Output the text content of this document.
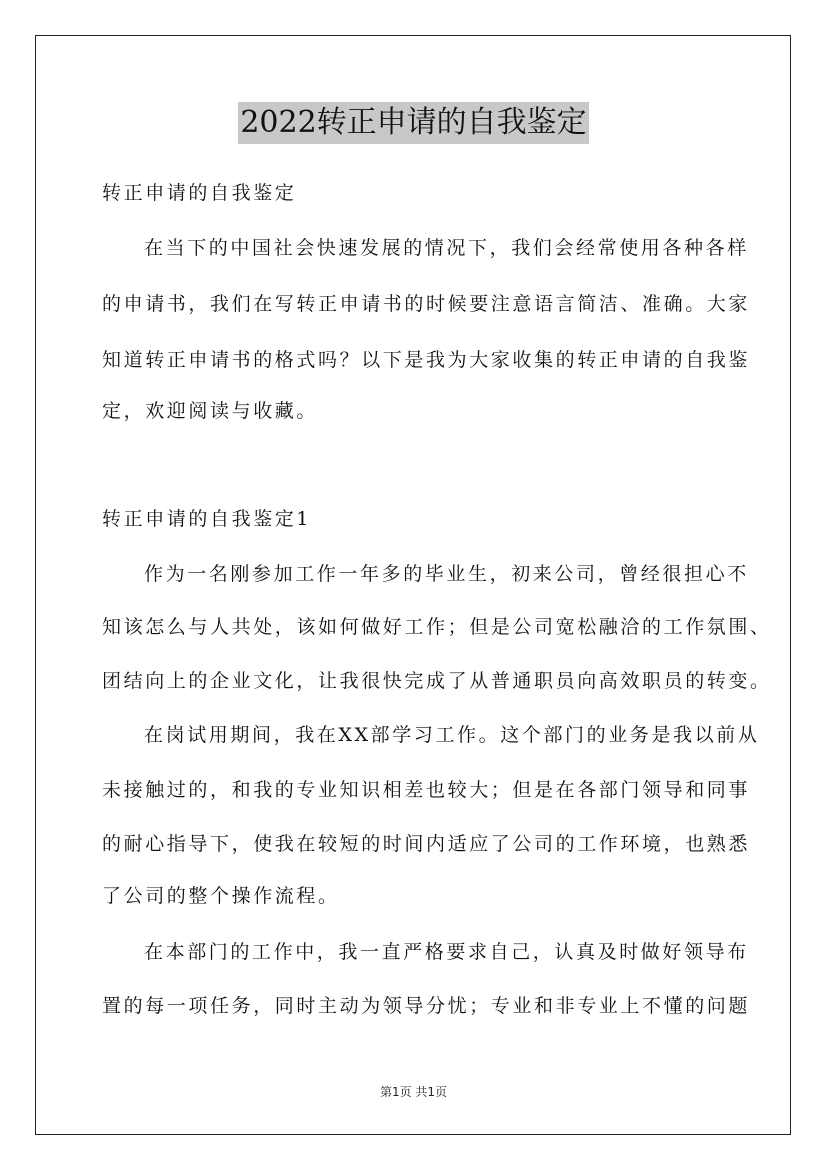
2022转正申请的自我鉴定
转正申请的自我鉴定
在当下的中国社会快速发展的情况下，我们会经常使用各种各样
的申请书，我们在写转正申请书的时候要注意语言简洁、准确。大家
知道转正申请书的格式吗？以下是我为大家收集的转正申请的自我鉴
定，欢迎阅读与收藏。
转正申请的自我鉴定1
作为一名刚参加工作一年多的毕业生，初来公司，曾经很担心不
知该怎么与人共处，该如何做好工作；但是公司宽松融洽的工作氛围、
团结向上的企业文化，让我很快完成了从普通职员向高效职员的转变。
在岗试用期间，我在XX部学习工作。这个部门的业务是我以前从
未接触过的，和我的专业知识相差也较大；但是在各部门领导和同事
的耐心指导下，使我在较短的时间内适应了公司的工作环境，也熟悉
了公司的整个操作流程。
在本部门的工作中，我一直严格要求自己，认真及时做好领导布
置的每一项任务，同时主动为领导分忧；专业和非专业上不懂的问题
第1页 共1页
